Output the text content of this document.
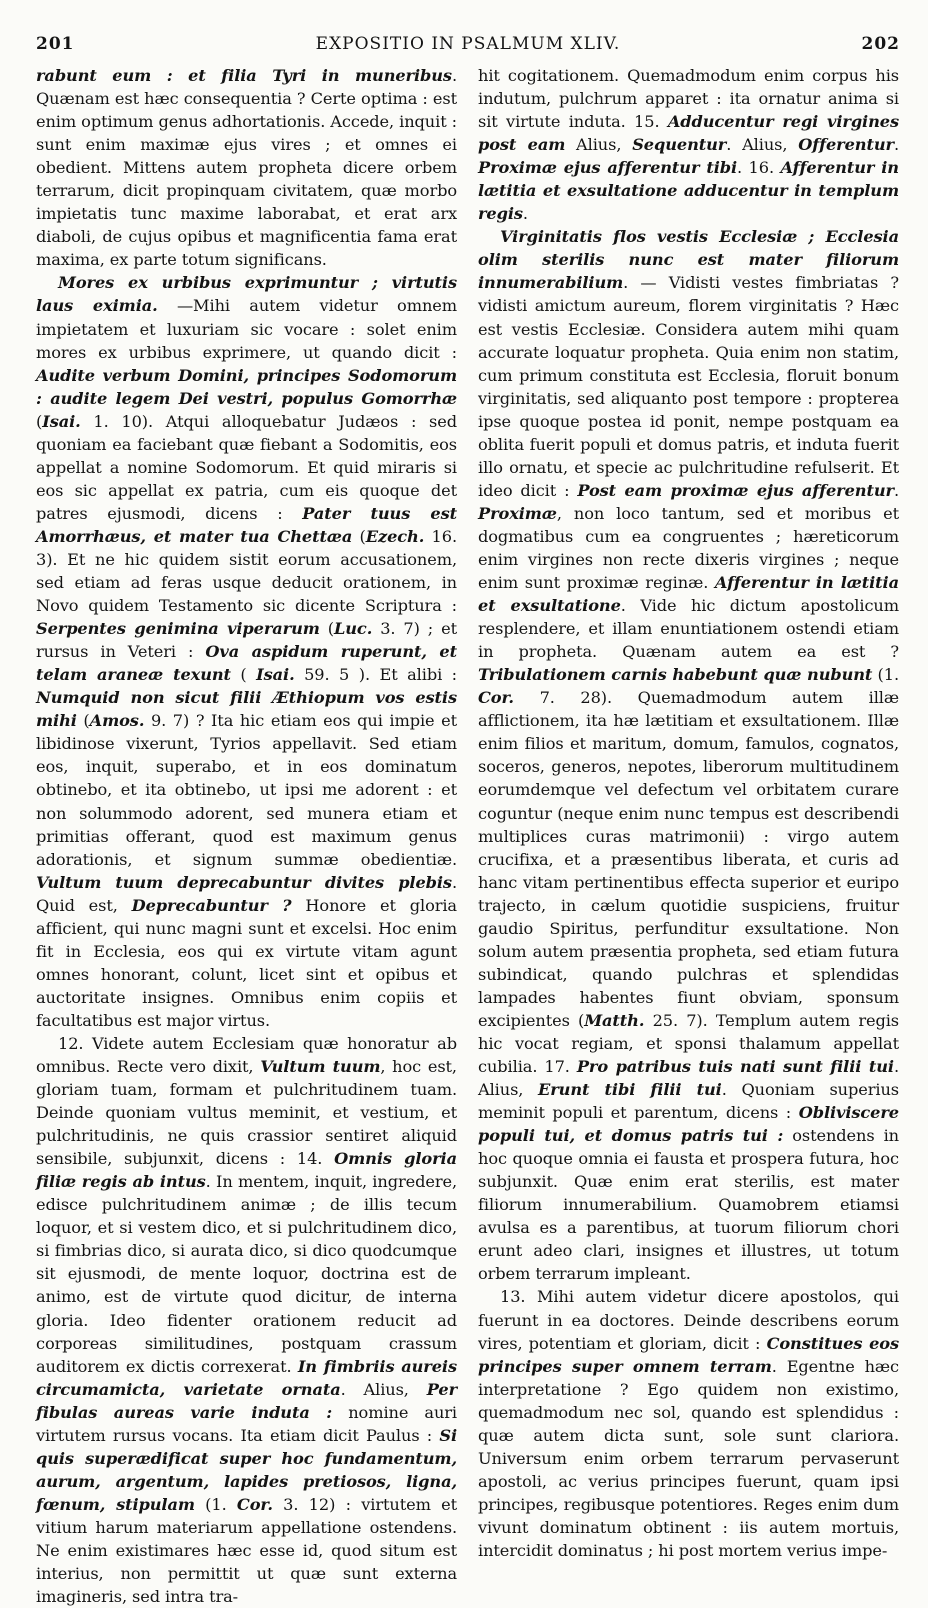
201	EXPOSITIO IN PSALMUM XLIV.	202

rabunt eum : et filia Tyri in muneribus. Quænam est hæc consequentia ? Certe optima : est enim optimum genus adhortationis. Accede, inquit : sunt enim maximæ ejus vires ; et omnes ei obedient. Mittens autem propheta dicere orbem terrarum, dicit propinquam civitatem, quæ morbo impietatis tunc maxime laborabat, et erat arx diaboli, de cujus opibus et magnificentia fama erat maxima, ex parte totum significans.

Mores ex urbibus exprimuntur ; virtutis laus eximia. —Mihi autem videtur omnem impietatem et luxuriam sic vocare : solet enim mores ex urbibus exprimere, ut quando dicit : Audite verbum Domini, principes Sodomorum : audite legem Dei vestri, populus Gomorrhæ (Isai. 1. 10). Atqui alloquebatur Judæos : sed quoniam ea faciebant quæ fiebant a Sodomitis, eos appellat a nomine Sodomorum. Et quid miraris si eos sic appellat ex patria, cum eis quoque det patres ejusmodi, dicens : Pater tuus est Amorrhæus, et mater tua Chettæa (Ezech. 16. 3). Et ne hic quidem sistit eorum accusationem, sed etiam ad feras usque deducit orationem, in Novo quidem Testamento sic dicente Scriptura : Serpentes genimina viperarum (Luc. 3. 7) ; et rursus in Veteri : Ova aspidum ruperunt, et telam araneæ texunt ( Isai. 59. 5 ). Et alibi : Numquid non sicut filii Æthiopum vos estis mihi (Amos. 9. 7) ? Ita hic etiam eos qui impie et libidinose vixerunt, Tyrios appellavit. Sed etiam eos, inquit, superabo, et in eos dominatum obtinebo, et ita obtinebo, ut ipsi me adorent : et non solummodo adorent, sed munera etiam et primitias offerant, quod est maximum genus adorationis, et signum summæ obedientiæ. Vultum tuum deprecabuntur divites plebis. Quid est, Deprecabuntur ? Honore et gloria afficient, qui nunc magni sunt et excelsi. Hoc enim fit in Ecclesia, eos qui ex virtute vitam agunt omnes honorant, colunt, licet sint et opibus et auctoritate insignes. Omnibus enim copiis et facultatibus est major virtus.

12. Videte autem Ecclesiam quæ honoratur ab omnibus. Recte vero dixit, Vultum tuum, hoc est, gloriam tuam, formam et pulchritudinem tuam. Deinde quoniam vultus meminit, et vestium, et pulchritudinis, ne quis crassior sentiret aliquid sensibile, subjunxit, dicens : 14. Omnis gloria filiæ regis ab intus. In mentem, inquit, ingredere, edisce pulchritudinem animæ ; de illis tecum loquor, et si vestem dico, et si pulchritudinem dico, si fimbrias dico, si aurata dico, si dico quodcumque sit ejusmodi, de mente loquor, doctrina est de animo, est de virtute quod dicitur, de interna gloria. Ideo fidenter orationem reducit ad corporeas similitudines, postquam crassum auditorem ex dictis correxerat. In fimbriis aureis circumamicta, varietate ornata. Alius, Per fibulas aureas varie induta : nomine auri virtutem rursus vocans. Ita etiam dicit Paulus : Si quis superædificat super hoc fundamentum, aurum, argentum, lapides pretiosos, ligna, fœnum, stipulam (1. Cor. 3. 12) : virtutem et vitium harum materiarum appellatione ostendens. Ne enim existimares hæc esse id, quod situm est interius, non permittit ut quæ sunt externa imagineris, sed intra tra-

hit cogitationem. Quemadmodum enim corpus his indutum, pulchrum apparet : ita ornatur anima si sit virtute induta. 15. Adducentur regi virgines post eam Alius, Sequentur. Alius, Offerentur. Proximæ ejus afferentur tibi. 16. Afferentur in lætitia et exsultatione adducentur in templum regis.

Virginitatis flos vestis Ecclesiæ ; Ecclesia olim sterilis nunc est mater filiorum innumerabilium. — Vidisti vestes fimbriatas ? vidisti amictum aureum, florem virginitatis ? Hæc est vestis Ecclesiæ. Considera autem mihi quam accurate loquatur propheta. Quia enim non statim, cum primum constituta est Ecclesia, floruit bonum virginitatis, sed aliquanto post tempore : propterea ipse quoque postea id ponit, nempe postquam ea oblita fuerit populi et domus patris, et induta fuerit illo ornatu, et specie ac pulchritudine refulserit. Et ideo dicit : Post eam proximæ ejus afferentur. Proximæ, non loco tantum, sed et moribus et dogmatibus cum ea congruentes ; hæreticorum enim virgines non recte dixeris virgines ; neque enim sunt proximæ reginæ. Afferentur in lætitia et exsultatione. Vide hic dictum apostolicum resplendere, et illam enuntiationem ostendi etiam in propheta. Quænam autem ea est ? Tribulationem carnis habebunt quæ nubunt (1. Cor. 7. 28). Quemadmodum autem illæ afflictionem, ita hæ lætitiam et exsultationem. Illæ enim filios et maritum, domum, famulos, cognatos, soceros, generos, nepotes, liberorum multitudinem eorumdemque vel defectum vel orbitatem curare coguntur (neque enim nunc tempus est describendi multiplices curas matrimonii) : virgo autem crucifixa, et a præsentibus liberata, et curis ad hanc vitam pertinentibus effecta superior et euripo trajecto, in cælum quotidie suspiciens, fruitur gaudio Spiritus, perfunditur exsultatione. Non solum autem præsentia propheta, sed etiam futura subindicat, quando pulchras et splendidas lampades habentes fiunt obviam, sponsum excipientes (Matth. 25. 7). Templum autem regis hic vocat regiam, et sponsi thalamum appellat cubilia. 17. Pro patribus tuis nati sunt filii tui. Alius, Erunt tibi filii tui. Quoniam superius meminit populi et parentum, dicens : Obliviscere populi tui, et domus patris tui : ostendens in hoc quoque omnia ei fausta et prospera futura, hoc subjunxit. Quæ enim erat sterilis, est mater filiorum innumerabilium. Quamobrem etiamsi avulsa es a parentibus, at tuorum filiorum chori erunt adeo clari, insignes et illustres, ut totum orbem terrarum impleant.

13. Mihi autem videtur dicere apostolos, qui fuerunt in ea doctores. Deinde describens eorum vires, potentiam et gloriam, dicit : Constitues eos principes super omnem terram. Egentne hæc interpretatione ? Ego quidem non existimo, quemadmodum nec sol, quando est splendidus : quæ autem dicta sunt, sole sunt clariora. Universum enim orbem terrarum pervaserunt apostoli, ac verius principes fuerunt, quam ipsi principes, regibusque potentiores. Reges enim dum vivunt dominatum obtinent : iis autem mortuis, intercidit dominatus ; hi post mortem verius impe-
